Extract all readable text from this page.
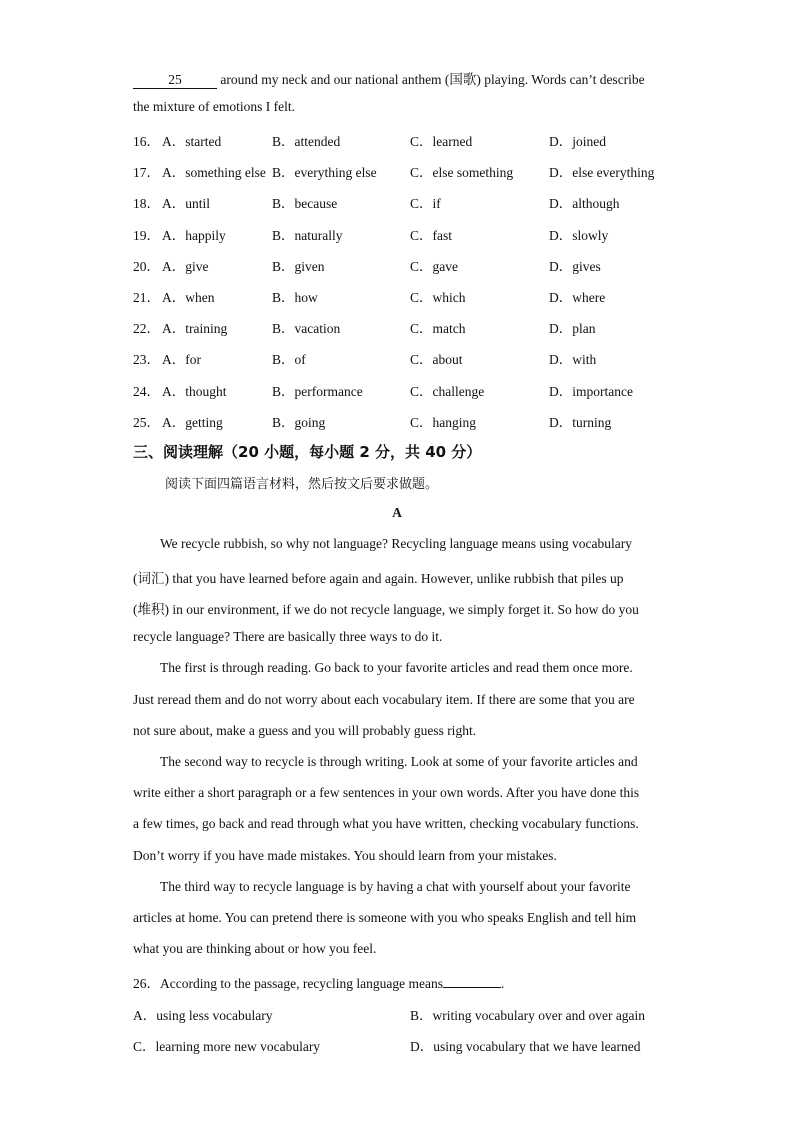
25	around my neck and our national anthem (国歌) playing. Words can’t describe
the mixture of emotions I felt.
16． A．started	B．attended	C．learned	D．joined
17． A．something else B．everything else C．else something	D．else everything
18． A．until	B．because	C．if	D．although
19． A．happily	B．naturally	C．fast	D．slowly
20． A．give	B．given	C．gave	D．gives
21． A．when	B．how	C．which	D．where
22． A．training	B．vacation	C．match	D．plan
23． A．for	B．of	C．about	D．with
24． A．thought	B．performance	C．challenge	D．importance
25． A．getting	B．going	C．hanging	D．turning
三、阅读理解（20 小题，每小题 2 分，共 40 分）
阅读下面四篇语言材料，然后按文后要求做题。
A
We recycle rubbish, so why not language? Recycling language means using vocabulary
(词汇) that you have learned before again and again. However, unlike rubbish that piles up
(堆积) in our environment, if we do not recycle language, we simply forget it. So how do you
recycle language? There are basically three ways to do it.
The first is through reading. Go back to your favorite articles and read them once more.
Just reread them and do not worry about each vocabulary item. If there are some that you are
not sure about, make a guess and you will probably guess right.
The second way to recycle is through writing. Look at some of your favorite articles and
write either a short paragraph or a few sentences in your own words. After you have done this
a few times, go back and read through what you have written, checking vocabulary functions.
Don’t worry if you have made mistakes. You should learn from your mistakes.
The third way to recycle language is by having a chat with yourself about your favorite
articles at home. You can pretend there is someone with you who speaks English and tell him
what you are thinking about or how you feel.
26．According to the passage, recycling language means	.
A．using less vocabulary	B．writing vocabulary over and over again
C．learning more new vocabulary	D．using vocabulary that we have learned
